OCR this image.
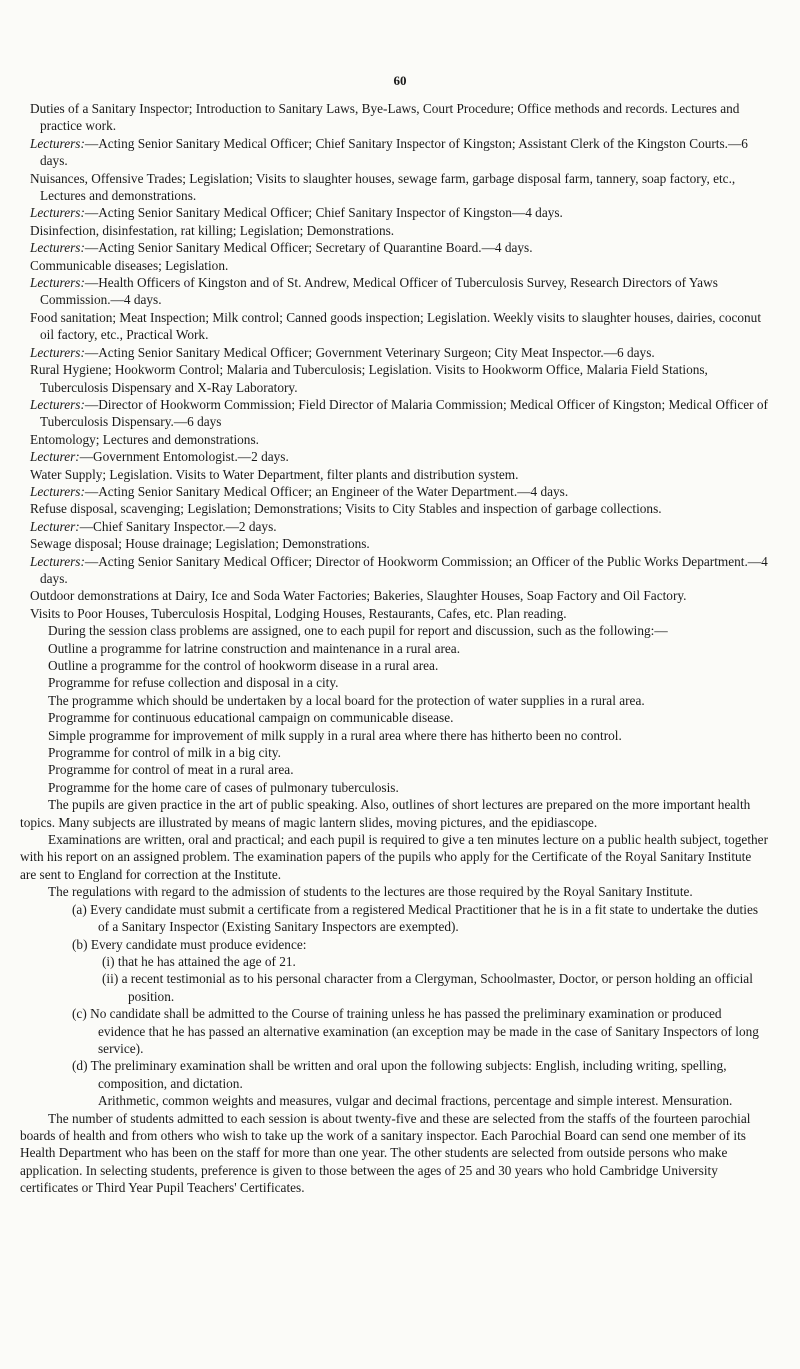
60

Duties of a Sanitary Inspector; Introduction to Sanitary Laws, Bye-Laws, Court Procedure; Office methods and records. Lectures and practice work.

Lecturers:—Acting Senior Sanitary Medical Officer; Chief Sanitary Inspector of Kingston; Assistant Clerk of the Kingston Courts.—6 days.

Nuisances, Offensive Trades; Legislation; Visits to slaughter houses, sewage farm, garbage disposal farm, tannery, soap factory, etc., Lectures and demonstrations.

Lecturers:—Acting Senior Sanitary Medical Officer; Chief Sanitary Inspector of Kingston—4 days.

Disinfection, disinfestation, rat killing; Legislation; Demonstrations.

Lecturers:—Acting Senior Sanitary Medical Officer; Secretary of Quarantine Board.—4 days.

Communicable diseases; Legislation.

Lecturers:—Health Officers of Kingston and of St. Andrew, Medical Officer of Tuberculosis Survey, Research Directors of Yaws Commission.—4 days.

Food sanitation; Meat Inspection; Milk control; Canned goods inspection; Legislation. Weekly visits to slaughter houses, dairies, coconut oil factory, etc., Practical Work.

Lecturers:—Acting Senior Sanitary Medical Officer; Government Veterinary Surgeon; City Meat Inspector.—6 days.

Rural Hygiene; Hookworm Control; Malaria and Tuberculosis; Legislation. Visits to Hookworm Office, Malaria Field Stations, Tuberculosis Dispensary and X-Ray Laboratory.

Lecturers:—Director of Hookworm Commission; Field Director of Malaria Commission; Medical Officer of Kingston; Medical Officer of Tuberculosis Dispensary.—6 days

Entomology; Lectures and demonstrations.

Lecturer:—Government Entomologist.—2 days.

Water Supply; Legislation. Visits to Water Department, filter plants and distribution system.

Lecturers:—Acting Senior Sanitary Medical Officer; an Engineer of the Water Department.—4 days.

Refuse disposal, scavenging; Legislation; Demonstrations; Visits to City Stables and inspection of garbage collections.

Lecturer:—Chief Sanitary Inspector.—2 days.

Sewage disposal; House drainage; Legislation; Demonstrations.

Lecturers:—Acting Senior Sanitary Medical Officer; Director of Hookworm Commission; an Officer of the Public Works Department.—4 days.

Outdoor demonstrations at Dairy, Ice and Soda Water Factories; Bakeries, Slaughter Houses, Soap Factory and Oil Factory.

Visits to Poor Houses, Tuberculosis Hospital, Lodging Houses, Restaurants, Cafes, etc. Plan reading.

During the session class problems are assigned, one to each pupil for report and discussion, such as the following:—

Outline a programme for latrine construction and maintenance in a rural area.

Outline a programme for the control of hookworm disease in a rural area.

Programme for refuse collection and disposal in a city.

The programme which should be undertaken by a local board for the protection of water supplies in a rural area.

Programme for continuous educational campaign on communicable disease.

Simple programme for improvement of milk supply in a rural area where there has hitherto been no control.

Programme for control of milk in a big city.

Programme for control of meat in a rural area.

Programme for the home care of cases of pulmonary tuberculosis.

The pupils are given practice in the art of public speaking. Also, outlines of short lectures are prepared on the more important health topics. Many subjects are illustrated by means of magic lantern slides, moving pictures, and the epidiascope.

Examinations are written, oral and practical; and each pupil is required to give a ten minutes lecture on a public health subject, together with his report on an assigned problem. The examination papers of the pupils who apply for the Certificate of the Royal Sanitary Institute are sent to England for correction at the Institute.

The regulations with regard to the admission of students to the lectures are those required by the Royal Sanitary Institute.

(a) Every candidate must submit a certificate from a registered Medical Practitioner that he is in a fit state to undertake the duties of a Sanitary Inspector (Existing Sanitary Inspectors are exempted).

(b) Every candidate must produce evidence:

(i) that he has attained the age of 21.

(ii) a recent testimonial as to his personal character from a Clergyman, Schoolmaster, Doctor, or person holding an official position.

(c) No candidate shall be admitted to the Course of training unless he has passed the preliminary examination or produced evidence that he has passed an alternative examination (an exception may be made in the case of Sanitary Inspectors of long service).

(d) The preliminary examination shall be written and oral upon the following subjects: English, including writing, spelling, composition, and dictation.

Arithmetic, common weights and measures, vulgar and decimal fractions, percentage and simple interest. Mensuration.

The number of students admitted to each session is about twenty-five and these are selected from the staffs of the fourteen parochial boards of health and from others who wish to take up the work of a sanitary inspector. Each Parochial Board can send one member of its Health Department who has been on the staff for more than one year. The other students are selected from outside persons who make application. In selecting students, preference is given to those between the ages of 25 and 30 years who hold Cambridge University certificates or Third Year Pupil Teachers' Certificates.
